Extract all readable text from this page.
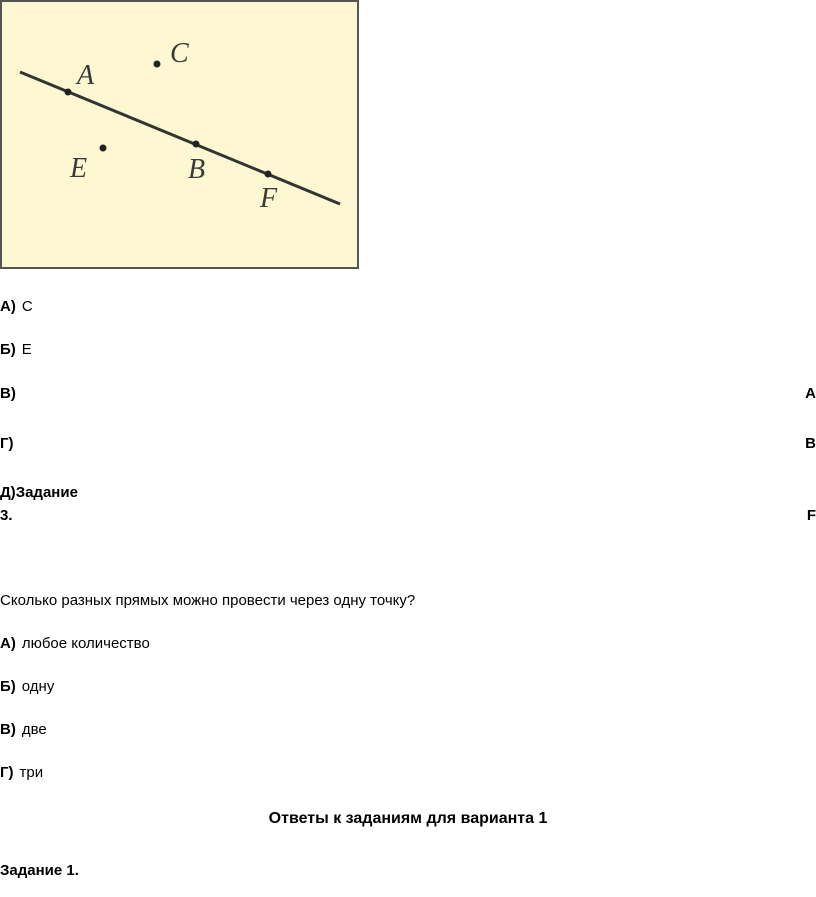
A
C
E	B
F
А) С
Б) Е
В)	А
Г)	В
Д)Задание
3.	F
Сколько разных прямых можно провести через одну точку?
А) любое количество
Б) одну
В) две
Г) три
Ответы к заданиям для варианта 1
Задание 1.
